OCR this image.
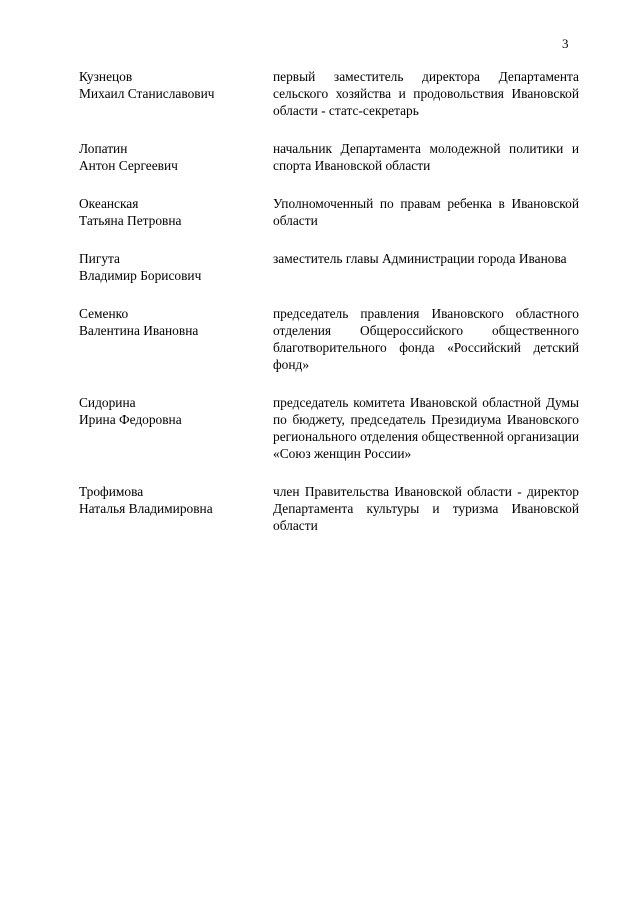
3
Кузнецов
Михаил Станиславович
первый заместитель директора Департамента сельского хозяйства и продовольствия Ивановской области - статс-секретарь
Лопатин
Антон Сергеевич
начальник Департамента молодежной политики и спорта Ивановской области
Океанская
Татьяна Петровна
Уполномоченный по правам ребенка в Ивановской области
Пигута
Владимир Борисович
заместитель главы Администрации города Иванова
Семенко
Валентина Ивановна
председатель правления Ивановского областного отделения Общероссийского общественного благотворительного фонда «Российский детский фонд»
Сидорина
Ирина Федоровна
председатель комитета Ивановской областной Думы по бюджету, председатель Президиума Ивановского регионального отделения общественной организации «Союз женщин России»
Трофимова
Наталья Владимировна
член Правительства Ивановской области - директор Департамента культуры и туризма Ивановской области
